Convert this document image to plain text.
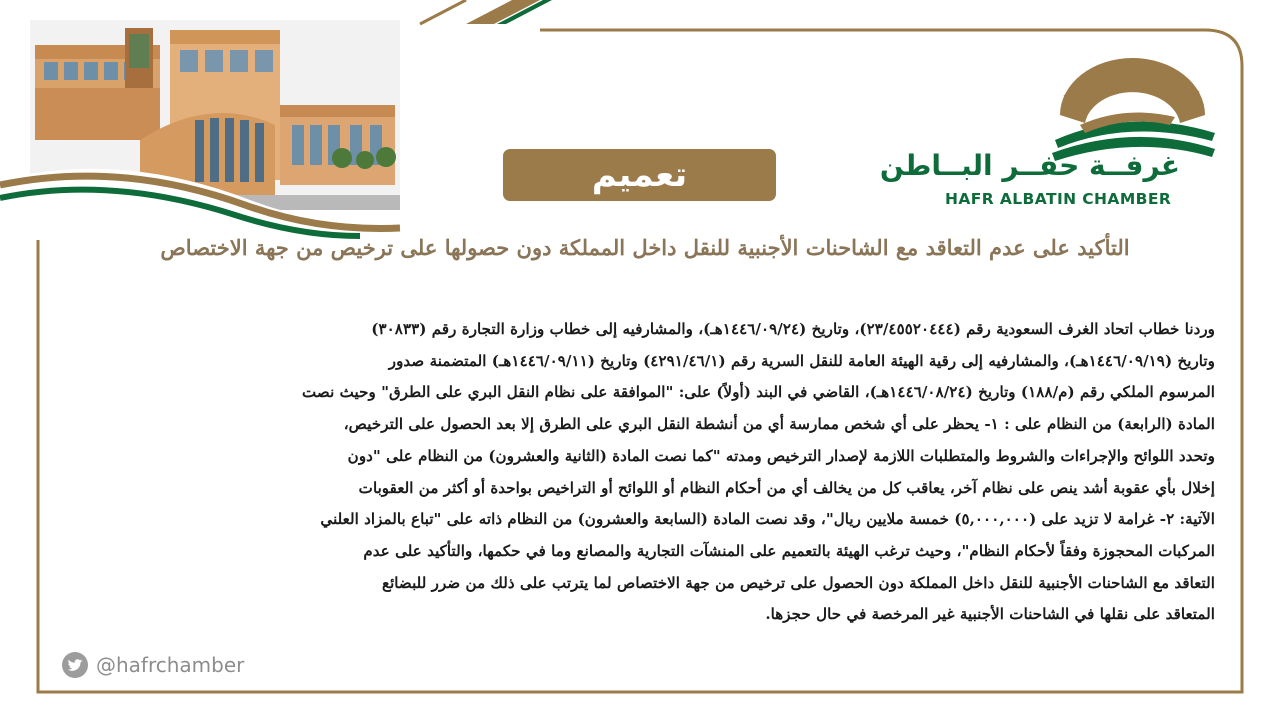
غرفــة حفــر البــاطن
HAFR ALBATIN CHAMBER
تعميم
التأكيد على عدم التعاقد مع الشاحنات الأجنبية للنقل داخل المملكة دون حصولها على ترخيص من جهة الاختصاص
وردنا خطاب اتحاد الغرف السعودية رقم (٢٣/٤٥٥٢٠٤٤٤)، وتاريخ (١٤٤٦/٠٩/٢٤هـ)، والمشارفيه إلى خطاب وزارة التجارة رقم (٣٠٨٣٣)
وتاريخ (١٤٤٦/٠٩/١٩هـ)، والمشارفيه إلى رقية الهيئة العامة للنقل السرية رقم (٤٢٩١/٤٦/١) وتاريخ (١٤٤٦/٠٩/١١هـ) المتضمنة صدور
المرسوم الملكي رقم (م/١٨٨) وتاريخ (١٤٤٦/٠٨/٢٤هـ)، القاضي في البند (أولاً) على: "الموافقة على نظام النقل البري على الطرق" وحيث نصت
المادة (الرابعة) من النظام على : ١- يحظر على أي شخص ممارسة أي من أنشطة النقل البري على الطرق إلا بعد الحصول على الترخيص،
وتحدد اللوائح والإجراءات والشروط والمتطلبات اللازمة لإصدار الترخيص ومدته "كما نصت المادة (الثانية والعشرون) من النظام على "دون
إخلال بأي عقوبة أشد ينص على نظام آخر، يعاقب كل من يخالف أي من أحكام النظام أو اللوائح أو التراخيص بواحدة أو أكثر من العقوبات
الآتية: ٢- غرامة لا تزيد على (٥,٠٠٠,٠٠٠) خمسة ملايين ريال"، وقد نصت المادة (السابعة والعشرون) من النظام ذاته على "تباع بالمزاد العلني
المركبات المحجوزة وفقاً لأحكام النظام"، وحيث ترغب الهيئة بالتعميم على المنشآت التجارية والمصانع وما في حكمها، والتأكيد على عدم
التعاقد مع الشاحنات الأجنبية للنقل داخل المملكة دون الحصول على ترخيص من جهة الاختصاص لما يترتب على ذلك من ضرر للبضائع
المتعاقد على نقلها في الشاحنات الأجنبية غير المرخصة في حال حجزها.
@hafrchamber
